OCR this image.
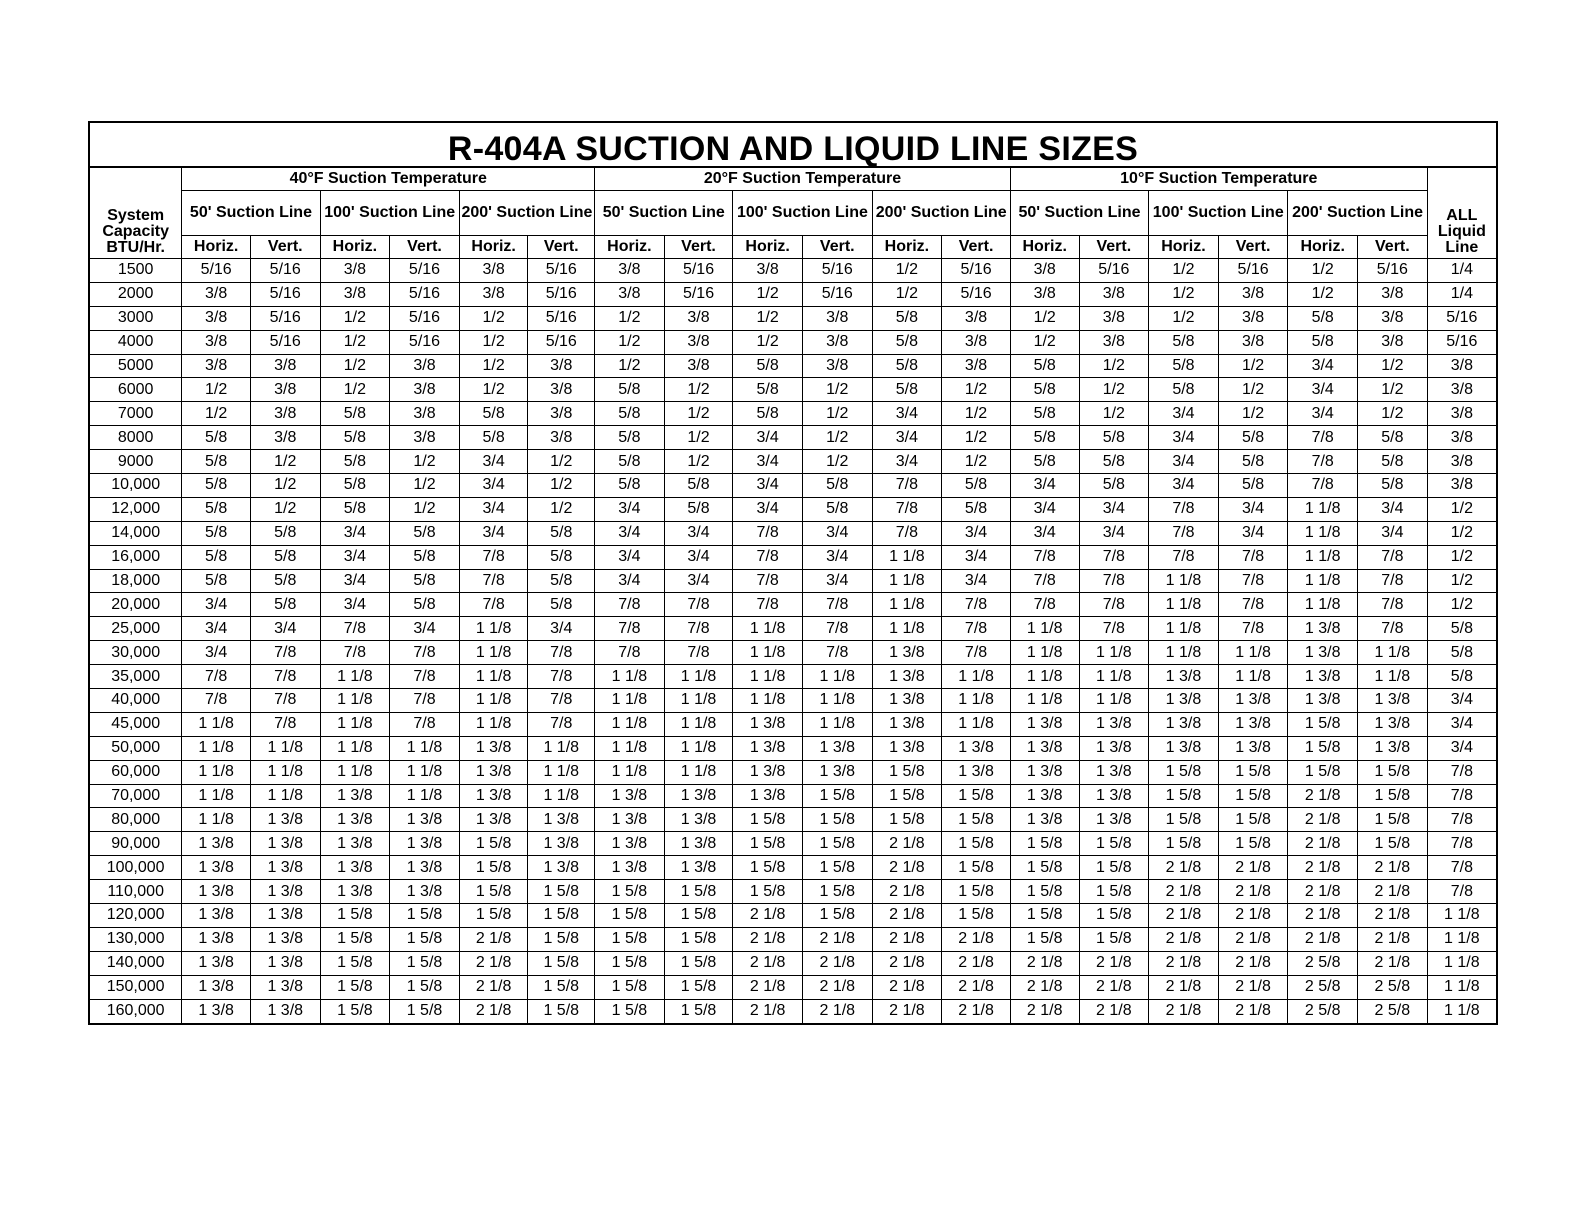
R-404A SUCTION AND LIQUID LINE SIZES
System Capacity BTU/Hr.	40°F Suction Temperature						20°F Suction Temperature						10°F Suction Temperature						ALL Liquid Line
	50' Suction Line		100' Suction Line		200' Suction Line		50' Suction Line		100' Suction Line		200' Suction Line		50' Suction Line		100' Suction Line		200' Suction Line		
	Horiz.	Vert.	Horiz.	Vert.	Horiz.	Vert.	Horiz.	Vert.	Horiz.	Vert.	Horiz.	Vert.	Horiz.	Vert.	Horiz.	Vert.	Horiz.	Vert.	
1500	5/16	5/16	3/8	5/16	3/8	5/16	3/8	5/16	3/8	5/16	1/2	5/16	3/8	5/16	1/2	5/16	1/2	5/16	1/4
2000	3/8	5/16	3/8	5/16	3/8	5/16	3/8	5/16	1/2	5/16	1/2	5/16	3/8	3/8	1/2	3/8	1/2	3/8	1/4
3000	3/8	5/16	1/2	5/16	1/2	5/16	1/2	3/8	1/2	3/8	5/8	3/8	1/2	3/8	1/2	3/8	5/8	3/8	5/16
4000	3/8	5/16	1/2	5/16	1/2	5/16	1/2	3/8	1/2	3/8	5/8	3/8	1/2	3/8	5/8	3/8	5/8	3/8	5/16
5000	3/8	3/8	1/2	3/8	1/2	3/8	1/2	3/8	5/8	3/8	5/8	3/8	5/8	1/2	5/8	1/2	3/4	1/2	3/8
6000	1/2	3/8	1/2	3/8	1/2	3/8	5/8	1/2	5/8	1/2	5/8	1/2	5/8	1/2	5/8	1/2	3/4	1/2	3/8
7000	1/2	3/8	5/8	3/8	5/8	3/8	5/8	1/2	5/8	1/2	3/4	1/2	5/8	1/2	3/4	1/2	3/4	1/2	3/8
8000	5/8	3/8	5/8	3/8	5/8	3/8	5/8	1/2	3/4	1/2	3/4	1/2	5/8	5/8	3/4	5/8	7/8	5/8	3/8
9000	5/8	1/2	5/8	1/2	3/4	1/2	5/8	1/2	3/4	1/2	3/4	1/2	5/8	5/8	3/4	5/8	7/8	5/8	3/8
10,000	5/8	1/2	5/8	1/2	3/4	1/2	5/8	5/8	3/4	5/8	7/8	5/8	3/4	5/8	3/4	5/8	7/8	5/8	3/8
12,000	5/8	1/2	5/8	1/2	3/4	1/2	3/4	5/8	3/4	5/8	7/8	5/8	3/4	3/4	7/8	3/4	1 1/8	3/4	1/2
14,000	5/8	5/8	3/4	5/8	3/4	5/8	3/4	3/4	7/8	3/4	7/8	3/4	3/4	3/4	7/8	3/4	1 1/8	3/4	1/2
16,000	5/8	5/8	3/4	5/8	7/8	5/8	3/4	3/4	7/8	3/4	1 1/8	3/4	7/8	7/8	7/8	7/8	1 1/8	7/8	1/2
18,000	5/8	5/8	3/4	5/8	7/8	5/8	3/4	3/4	7/8	3/4	1 1/8	3/4	7/8	7/8	1 1/8	7/8	1 1/8	7/8	1/2
20,000	3/4	5/8	3/4	5/8	7/8	5/8	7/8	7/8	7/8	7/8	1 1/8	7/8	7/8	7/8	1 1/8	7/8	1 1/8	7/8	1/2
25,000	3/4	3/4	7/8	3/4	1 1/8	3/4	7/8	7/8	1 1/8	7/8	1 1/8	7/8	1 1/8	7/8	1 1/8	7/8	1 3/8	7/8	5/8
30,000	3/4	7/8	7/8	7/8	1 1/8	7/8	7/8	7/8	1 1/8	7/8	1 3/8	7/8	1 1/8	1 1/8	1 1/8	1 1/8	1 3/8	1 1/8	5/8
35,000	7/8	7/8	1 1/8	7/8	1 1/8	7/8	1 1/8	1 1/8	1 1/8	1 1/8	1 3/8	1 1/8	1 1/8	1 1/8	1 3/8	1 1/8	1 3/8	1 1/8	5/8
40,000	7/8	7/8	1 1/8	7/8	1 1/8	7/8	1 1/8	1 1/8	1 1/8	1 1/8	1 3/8	1 1/8	1 1/8	1 1/8	1 3/8	1 3/8	1 3/8	1 3/8	3/4
45,000	1 1/8	7/8	1 1/8	7/8	1 1/8	7/8	1 1/8	1 1/8	1 3/8	1 1/8	1 3/8	1 1/8	1 3/8	1 3/8	1 3/8	1 3/8	1 5/8	1 3/8	3/4
50,000	1 1/8	1 1/8	1 1/8	1 1/8	1 3/8	1 1/8	1 1/8	1 1/8	1 3/8	1 3/8	1 3/8	1 3/8	1 3/8	1 3/8	1 3/8	1 3/8	1 5/8	1 3/8	3/4
60,000	1 1/8	1 1/8	1 1/8	1 1/8	1 3/8	1 1/8	1 1/8	1 1/8	1 3/8	1 3/8	1 5/8	1 3/8	1 3/8	1 3/8	1 5/8	1 5/8	1 5/8	1 5/8	7/8
70,000	1 1/8	1 1/8	1 3/8	1 1/8	1 3/8	1 1/8	1 3/8	1 3/8	1 3/8	1 5/8	1 5/8	1 5/8	1 3/8	1 3/8	1 5/8	1 5/8	2 1/8	1 5/8	7/8
80,000	1 1/8	1 3/8	1 3/8	1 3/8	1 3/8	1 3/8	1 3/8	1 3/8	1 5/8	1 5/8	1 5/8	1 5/8	1 3/8	1 3/8	1 5/8	1 5/8	2 1/8	1 5/8	7/8
90,000	1 3/8	1 3/8	1 3/8	1 3/8	1 5/8	1 3/8	1 3/8	1 3/8	1 5/8	1 5/8	2 1/8	1 5/8	1 5/8	1 5/8	1 5/8	1 5/8	2 1/8	1 5/8	7/8
100,000	1 3/8	1 3/8	1 3/8	1 3/8	1 5/8	1 3/8	1 3/8	1 3/8	1 5/8	1 5/8	2 1/8	1 5/8	1 5/8	1 5/8	2 1/8	2 1/8	2 1/8	2 1/8	7/8
110,000	1 3/8	1 3/8	1 3/8	1 3/8	1 5/8	1 5/8	1 5/8	1 5/8	1 5/8	1 5/8	2 1/8	1 5/8	1 5/8	1 5/8	2 1/8	2 1/8	2 1/8	2 1/8	7/8
120,000	1 3/8	1 3/8	1 5/8	1 5/8	1 5/8	1 5/8	1 5/8	1 5/8	2 1/8	1 5/8	2 1/8	1 5/8	1 5/8	1 5/8	2 1/8	2 1/8	2 1/8	2 1/8	1 1/8
130,000	1 3/8	1 3/8	1 5/8	1 5/8	2 1/8	1 5/8	1 5/8	1 5/8	2 1/8	2 1/8	2 1/8	2 1/8	1 5/8	1 5/8	2 1/8	2 1/8	2 1/8	2 1/8	1 1/8
140,000	1 3/8	1 3/8	1 5/8	1 5/8	2 1/8	1 5/8	1 5/8	1 5/8	2 1/8	2 1/8	2 1/8	2 1/8	2 1/8	2 1/8	2 1/8	2 1/8	2 5/8	2 1/8	1 1/8
150,000	1 3/8	1 3/8	1 5/8	1 5/8	2 1/8	1 5/8	1 5/8	1 5/8	2 1/8	2 1/8	2 1/8	2 1/8	2 1/8	2 1/8	2 1/8	2 1/8	2 5/8	2 5/8	1 1/8
160,000	1 3/8	1 3/8	1 5/8	1 5/8	2 1/8	1 5/8	1 5/8	1 5/8	2 1/8	2 1/8	2 1/8	2 1/8	2 1/8	2 1/8	2 1/8	2 1/8	2 5/8	2 5/8	1 1/8
